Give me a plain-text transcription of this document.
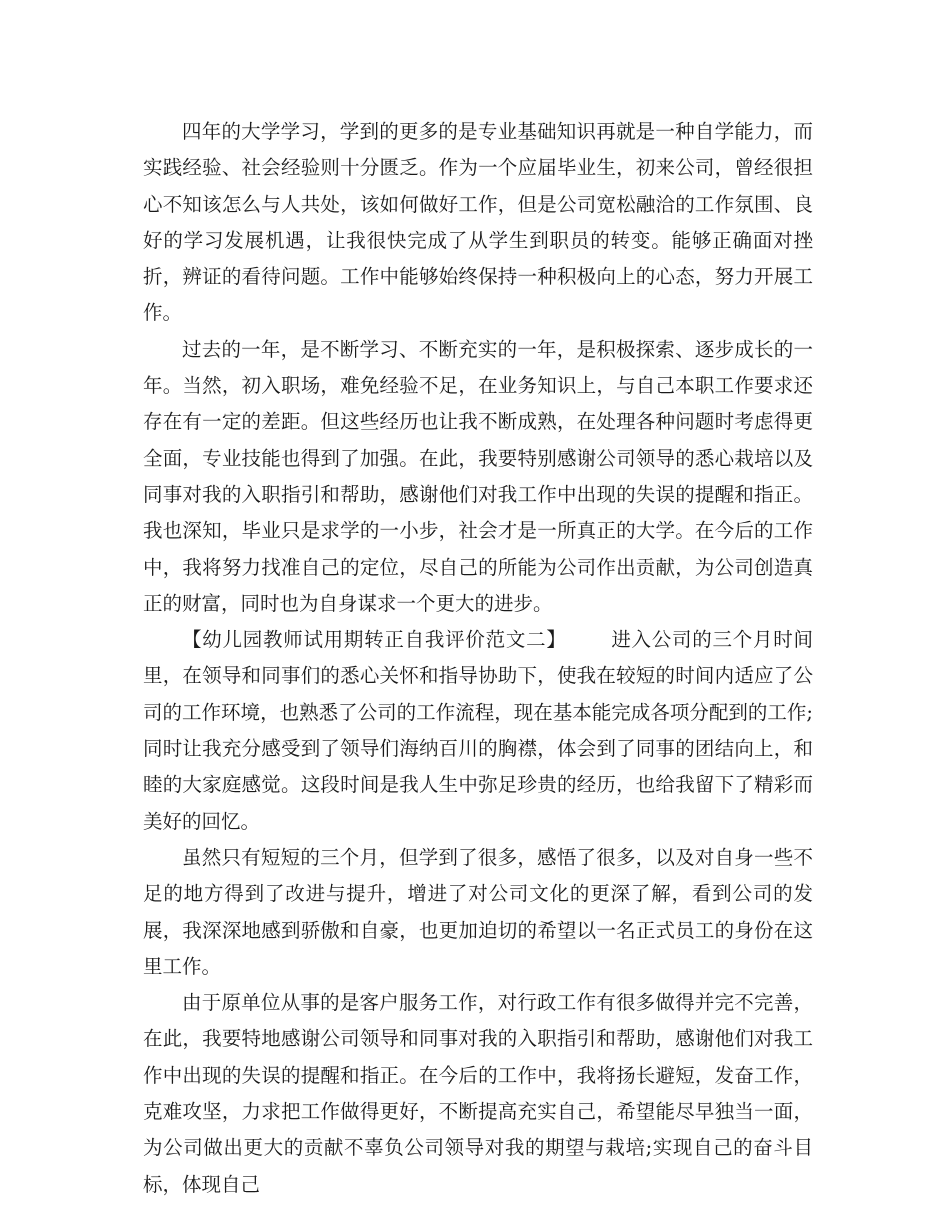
四年的大学学习，学到的更多的是专业基础知识再就是一种自学能力，而实践经验、社会经验则十分匮乏。作为一个应届毕业生，初来公司，曾经很担心不知该怎么与人共处，该如何做好工作，但是公司宽松融洽的工作氛围、良好的学习发展机遇，让我很快完成了从学生到职员的转变。能够正确面对挫折，辨证的看待问题。工作中能够始终保持一种积极向上的心态，努力开展工作。

过去的一年，是不断学习、不断充实的一年，是积极探索、逐步成长的一年。当然，初入职场，难免经验不足，在业务知识上，与自己本职工作要求还存在有一定的差距。但这些经历也让我不断成熟，在处理各种问题时考虑得更全面，专业技能也得到了加强。在此，我要特别感谢公司领导的悉心栽培以及同事对我的入职指引和帮助，感谢他们对我工作中出现的失误的提醒和指正。我也深知，毕业只是求学的一小步，社会才是一所真正的大学。在今后的工作中，我将努力找准自己的定位，尽自己的所能为公司作出贡献，为公司创造真正的财富，同时也为自身谋求一个更大的进步。

【幼儿园教师试用期转正自我评价范文二】 进入公司的三个月时间里，在领导和同事们的悉心关怀和指导协助下，使我在较短的时间内适应了公司的工作环境，也熟悉了公司的工作流程，现在基本能完成各项分配到的工作;同时让我充分感受到了领导们海纳百川的胸襟，体会到了同事的团结向上，和睦的大家庭感觉。这段时间是我人生中弥足珍贵的经历，也给我留下了精彩而美好的回忆。

虽然只有短短的三个月，但学到了很多，感悟了很多，以及对自身一些不足的地方得到了改进与提升，增进了对公司文化的更深了解，看到公司的发展，我深深地感到骄傲和自豪，也更加迫切的希望以一名正式员工的身份在这里工作。

由于原单位从事的是客户服务工作，对行政工作有很多做得并完不完善，在此，我要特地感谢公司领导和同事对我的入职指引和帮助，感谢他们对我工作中出现的失误的提醒和指正。在今后的工作中，我将扬长避短，发奋工作，克难攻坚，力求把工作做得更好，不断提高充实自己，希望能尽早独当一面，为公司做出更大的贡献不辜负公司领导对我的期望与栽培;实现自己的奋斗目标，体现自己
